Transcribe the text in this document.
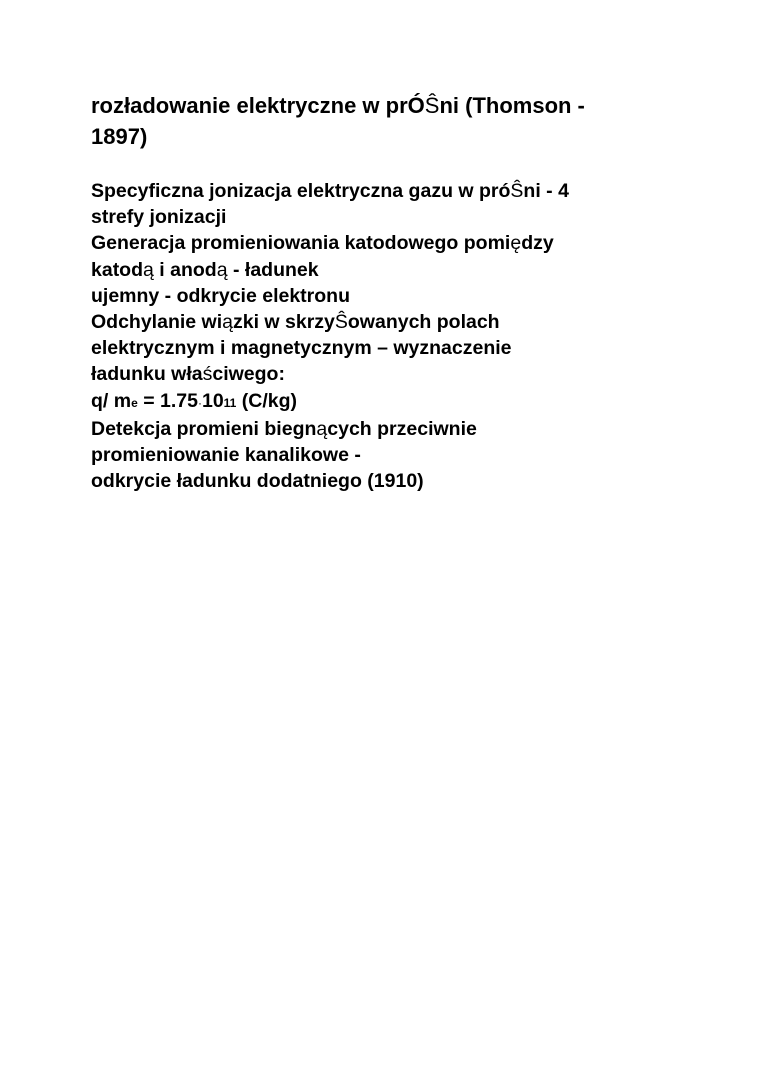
rozładowanie elektryczne w prÓŜni (Thomson -
1897)
Specyficzna jonizacja elektryczna gazu w próŜni - 4
strefy jonizacji
Generacja promieniowania katodowego pomiędzy
katodą i anodą - ładunek
ujemny - odkrycie elektronu
Odchylanie wiązki w skrzyŜowanych polach
elektrycznym i magnetycznym – wyznaczenie
ładunku właściwego:
q/ me = 1.75·1011 (C/kg)
Detekcja promieni biegnących przeciwnie
promieniowanie kanalikowe -
odkrycie ładunku dodatniego (1910)
